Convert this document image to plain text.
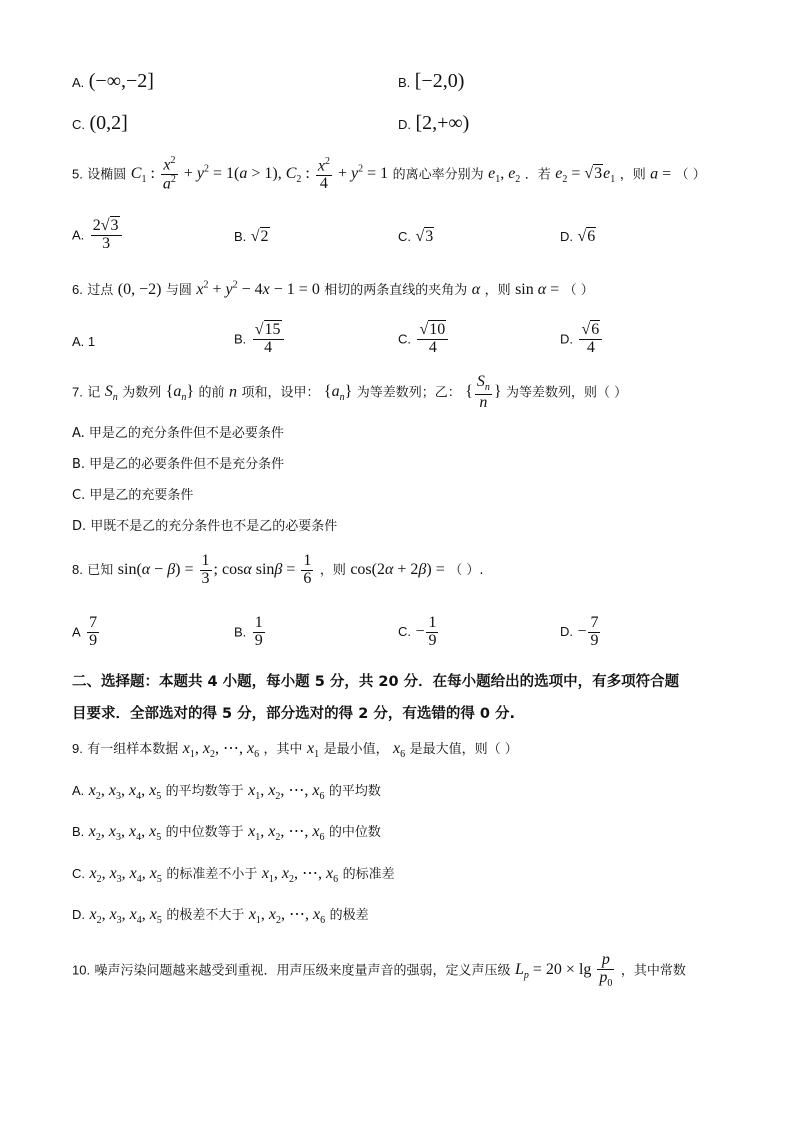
A. (−∞,−2]	B. [−2,0)
C. (0,2]	D. [2,+∞)
5. 设椭圆 $C_1$ : $\frac{x^2}{a^2} + y^2 = 1(a > 1)$, $C_2$ : $\frac{x^2}{4} + y^2 = 1$ 的离心率分别为 $e_1$, $e_2$ ．若 $e_2 = √3e_1$ ，则 a = （ ）
A. $\frac{2√3}{3}$	B. √2	C. √3	D. √6
6. 过点 (0, −2) 与圆 $x^2 + y^2 - 4x - 1 = 0$ 相切的两条直线的夹角为 α ，则 sin α = （ ）
A. 1	B. $\frac{√15}{4}$	C. $\frac{√10}{4}$	D. $\frac{√6}{4}$
7. 记 $S_n$ 为数列 $\{a_n\}$ 的前 n 项和，设甲： $\{a_n\}$ 为等差数列；乙： { $\frac{S_n}{n}$ } 为等差数列，则（ ）
A. 甲是乙的充分条件但不是必要条件
B. 甲是乙的必要条件但不是充分条件
C. 甲是乙的充要条件
D. 甲既不是乙的充分条件也不是乙的必要条件
8. 已知 $\sin(\alpha - \beta) = \frac{1}{3}$ ; cosα $\sin\beta = \frac{1}{6}$ ，则 cos(2α + 2β) = （ ）.
A $\frac{7}{9}$	B. $\frac{1}{9}$	C. − $\frac{1}{9}$	D. − $\frac{7}{9}$
二、选择题：本题共 4 小题，每小题 5 分，共 20 分．在每小题给出的选项中，有多项符合题
目要求．全部选对的得 5 分，部分选对的得 2 分，有选错的得 0 分.
9. 有一组样本数据 $x_1$, $x_2$, ⋯, $x_6$ ，其中 $x_1$ 是最小值， $x_6$ 是最大值，则（ ）
A. $x_2$, $x_3$, $x_4$, $x_5$ 的平均数等于 $x_1$, $x_2$, ⋯, $x_6$ 的平均数
B. $x_2$, $x_3$, $x_4$, $x_5$ 的中位数等于 $x_1$, $x_2$, ⋯, $x_6$ 的中位数
C. $x_2$, $x_3$, $x_4$, $x_5$ 的标准差不小于 $x_1$, $x_2$, ⋯, $x_6$ 的标准差
D. $x_2$, $x_3$, $x_4$, $x_5$ 的极差不大于 $x_1$, $x_2$, ⋯, $x_6$ 的极差
10. 噪声污染问题越来越受到重视．用声压级来度量声音的强弱，定义声压级 $L_p = 20 \times \lg \frac{p}{p_0}$ ，其中常数
